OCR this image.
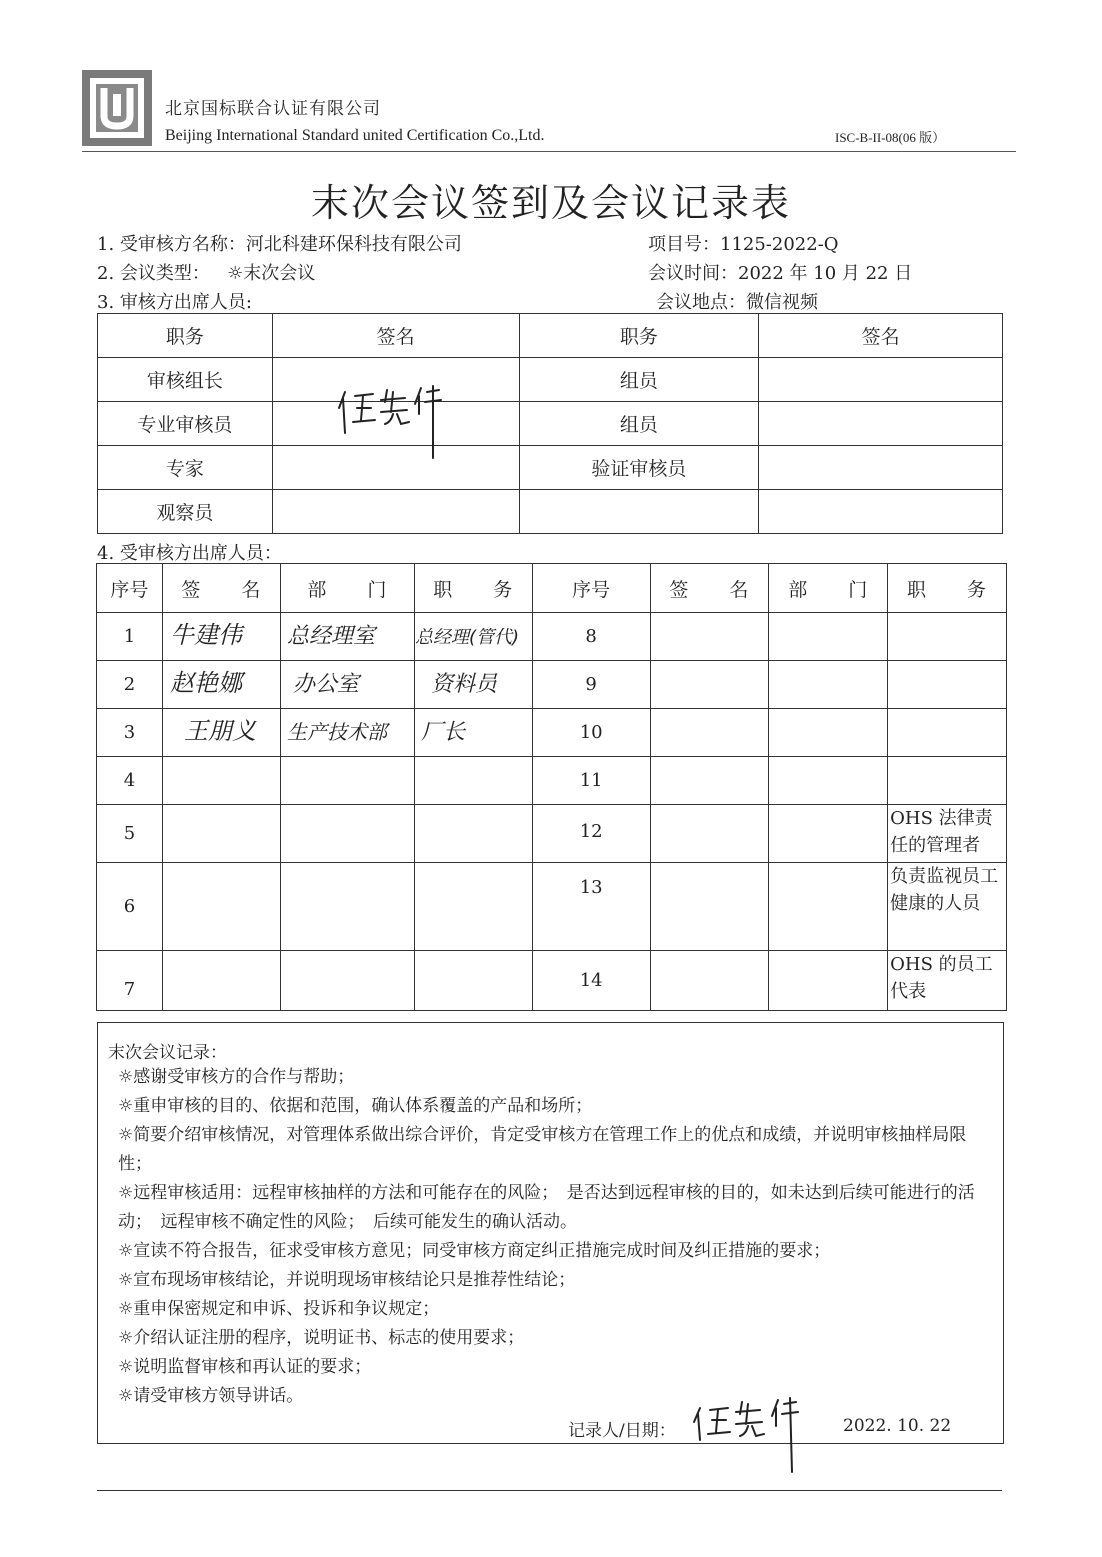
北京国标联合认证有限公司
Beijing International Standard united Certification Co.,Ltd.	ISC-B-II-08(06 版）
末次会议签到及会议记录表
1. 受审核方名称：河北科建环保科技有限公司	项目号：1125-2022-Q
2. 会议类型： ☼末次会议	会议时间：2022 年 10 月 22 日
3. 审核方出席人员:	会议地点：微信视频
职务	签名	职务	签名
审核组长		组员	
专业审核员		组员	
专家		验证审核员	
观察员			
4. 受审核方出席人员：
序号	签　　名	部　　门	职　　务	序号	签　　名	部　　门	职　　务
1	牛建伟	总经理室	总经理(管代)	8			
2	赵艳娜	办公室	资料员	9			
3	王朋义	生产技术部	厂长	10			
4				11			
5				12			OHS 法律责任的管理者
6				13			负责监视员工健康的人员
7				14			OHS 的员工代表
末次会议记录：
☼感谢受审核方的合作与帮助；
☼重申审核的目的、依据和范围，确认体系覆盖的产品和场所；
☼简要介绍审核情况，对管理体系做出综合评价，肯定受审核方在管理工作上的优点和成绩，并说明审核抽样局限性；
☼远程审核适用：远程审核抽样的方法和可能存在的风险；　是否达到远程审核的目的，如未达到后续可能进行的活动；　远程审核不确定性的风险；　后续可能发生的确认活动。
☼宣读不符合报告，征求受审核方意见；同受审核方商定纠正措施完成时间及纠正措施的要求；
☼宣布现场审核结论，并说明现场审核结论只是推荐性结论；
☼重申保密规定和申诉、投诉和争议规定；
☼介绍认证注册的程序，说明证书、标志的使用要求；
☼说明监督审核和再认证的要求；
☼请受审核方领导讲话。
记录人/日期：	2022. 10. 22
